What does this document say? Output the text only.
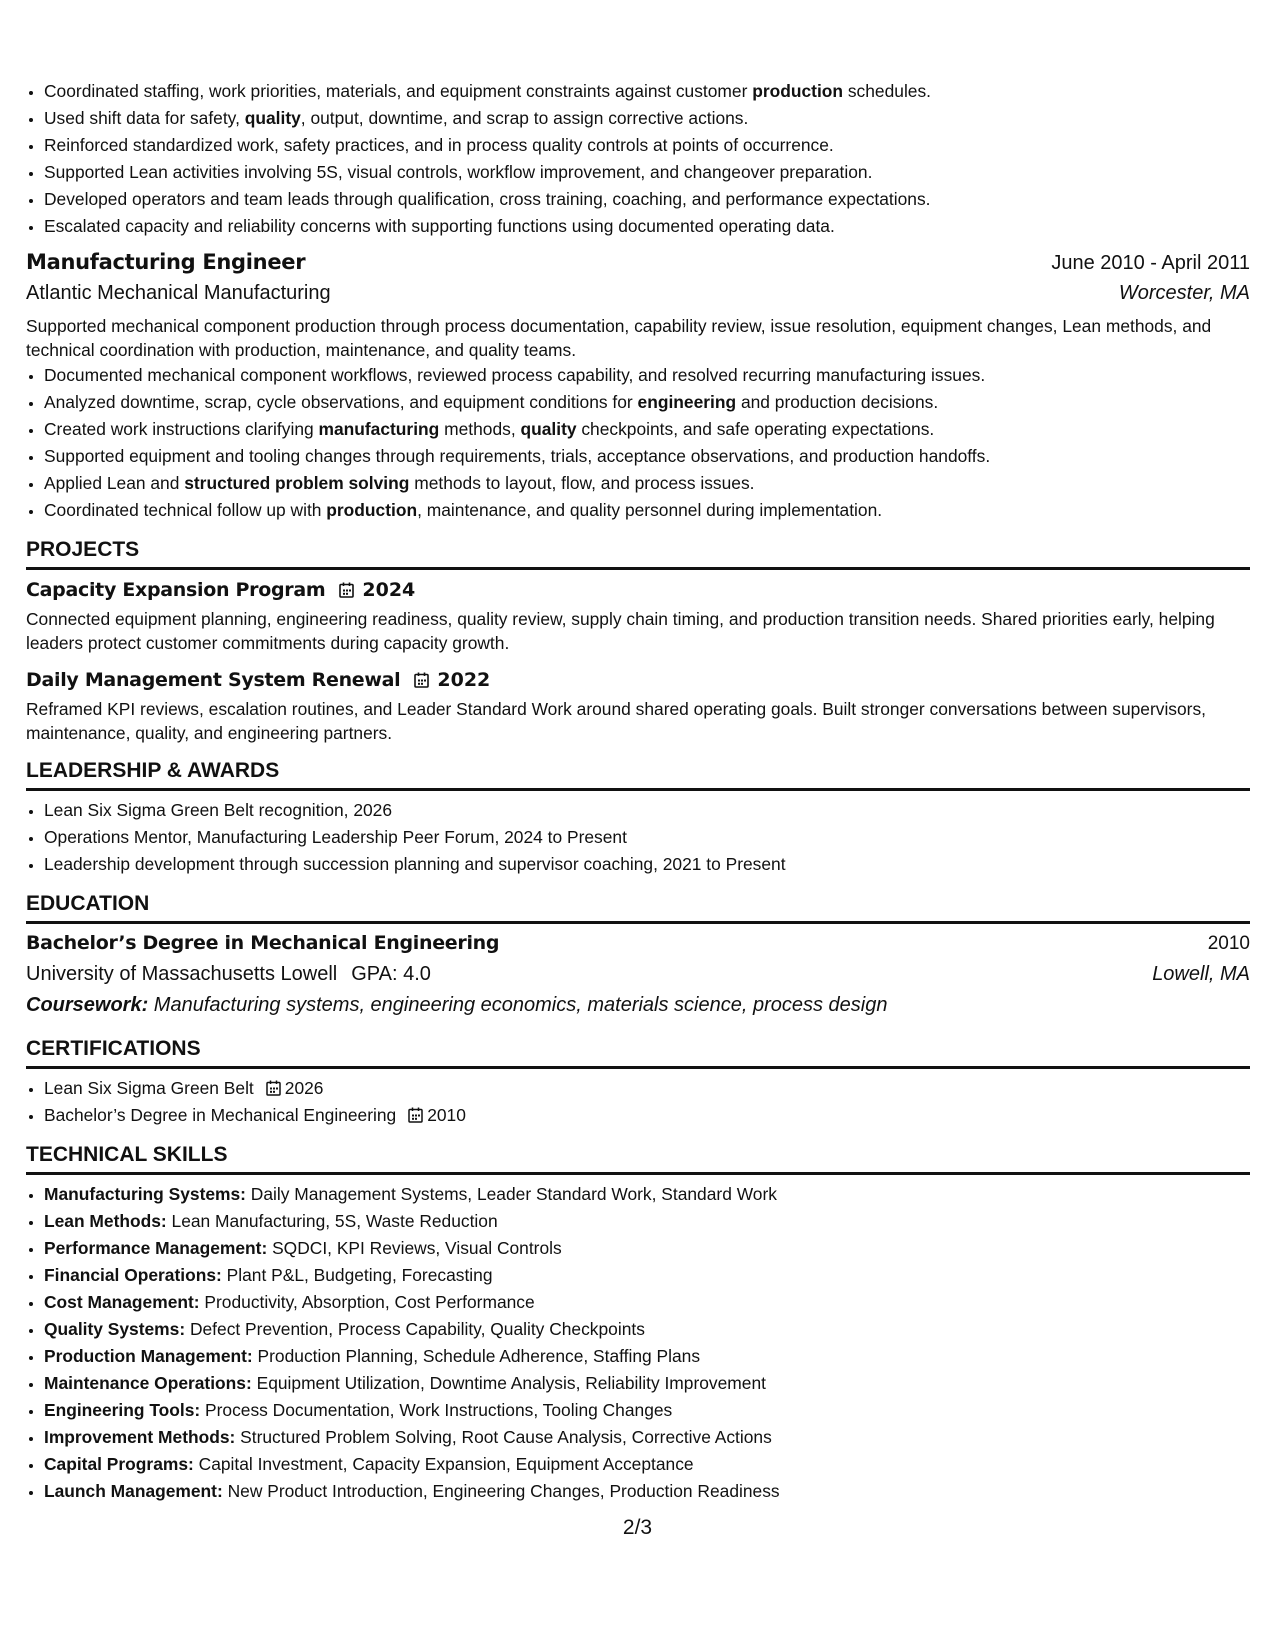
• Coordinated staffing, work priorities, materials, and equipment constraints against customer production schedules.
• Used shift data for safety, quality, output, downtime, and scrap to assign corrective actions.
• Reinforced standardized work, safety practices, and in process quality controls at points of occurrence.
• Supported Lean activities involving 5S, visual controls, workflow improvement, and changeover preparation.
• Developed operators and team leads through qualification, cross training, coaching, and performance expectations.
• Escalated capacity and reliability concerns with supporting functions using documented operating data.
Manufacturing Engineer	June 2010 - April 2011
Atlantic Mechanical Manufacturing	Worcester, MA
Supported mechanical component production through process documentation, capability review, issue resolution, equipment changes, Lean methods, and technical coordination with production, maintenance, and quality teams.
• Documented mechanical component workflows, reviewed process capability, and resolved recurring manufacturing issues.
• Analyzed downtime, scrap, cycle observations, and equipment conditions for engineering and production decisions.
• Created work instructions clarifying manufacturing methods, quality checkpoints, and safe operating expectations.
• Supported equipment and tooling changes through requirements, trials, acceptance observations, and production handoffs.
• Applied Lean and structured problem solving methods to layout, flow, and process issues.
• Coordinated technical follow up with production, maintenance, and quality personnel during implementation.
PROJECTS
Capacity Expansion Program 2024
Connected equipment planning, engineering readiness, quality review, supply chain timing, and production transition needs. Shared priorities early, helping leaders protect customer commitments during capacity growth.
Daily Management System Renewal 2022
Reframed KPI reviews, escalation routines, and Leader Standard Work around shared operating goals. Built stronger conversations between supervisors, maintenance, quality, and engineering partners.
LEADERSHIP & AWARDS
• Lean Six Sigma Green Belt recognition, 2026
• Operations Mentor, Manufacturing Leadership Peer Forum, 2024 to Present
• Leadership development through succession planning and supervisor coaching, 2021 to Present
EDUCATION
Bachelor’s Degree in Mechanical Engineering	2010
University of Massachusetts Lowell GPA: 4.0	Lowell, MA
Coursework: Manufacturing systems, engineering economics, materials science, process design
CERTIFICATIONS
• Lean Six Sigma Green Belt 2026
• Bachelor’s Degree in Mechanical Engineering 2010
TECHNICAL SKILLS
• Manufacturing Systems: Daily Management Systems, Leader Standard Work, Standard Work
• Lean Methods: Lean Manufacturing, 5S, Waste Reduction
• Performance Management: SQDCI, KPI Reviews, Visual Controls
• Financial Operations: Plant P&L, Budgeting, Forecasting
• Cost Management: Productivity, Absorption, Cost Performance
• Quality Systems: Defect Prevention, Process Capability, Quality Checkpoints
• Production Management: Production Planning, Schedule Adherence, Staffing Plans
• Maintenance Operations: Equipment Utilization, Downtime Analysis, Reliability Improvement
• Engineering Tools: Process Documentation, Work Instructions, Tooling Changes
• Improvement Methods: Structured Problem Solving, Root Cause Analysis, Corrective Actions
• Capital Programs: Capital Investment, Capacity Expansion, Equipment Acceptance
• Launch Management: New Product Introduction, Engineering Changes, Production Readiness
2/3
